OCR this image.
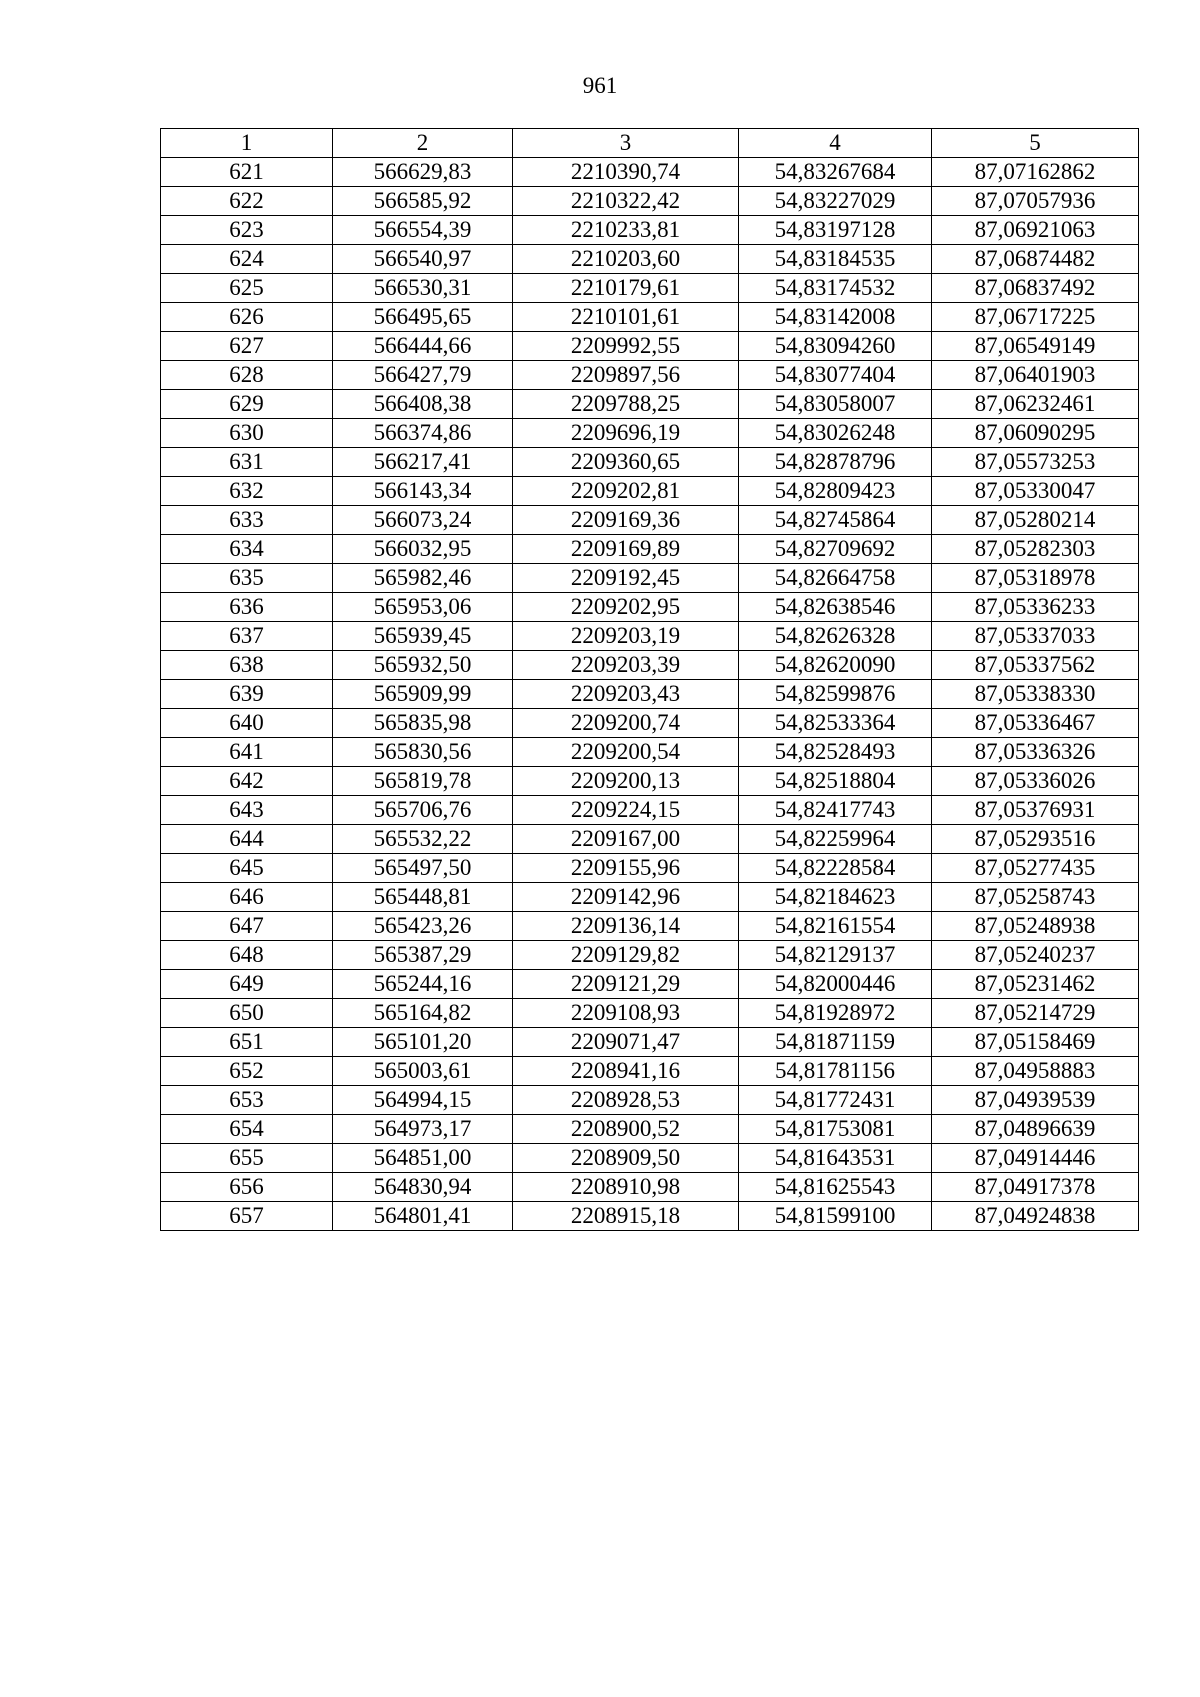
961
1	2	3	4	5
621	566629,83	2210390,74	54,83267684	87,07162862
622	566585,92	2210322,42	54,83227029	87,07057936
623	566554,39	2210233,81	54,83197128	87,06921063
624	566540,97	2210203,60	54,83184535	87,06874482
625	566530,31	2210179,61	54,83174532	87,06837492
626	566495,65	2210101,61	54,83142008	87,06717225
627	566444,66	2209992,55	54,83094260	87,06549149
628	566427,79	2209897,56	54,83077404	87,06401903
629	566408,38	2209788,25	54,83058007	87,06232461
630	566374,86	2209696,19	54,83026248	87,06090295
631	566217,41	2209360,65	54,82878796	87,05573253
632	566143,34	2209202,81	54,82809423	87,05330047
633	566073,24	2209169,36	54,82745864	87,05280214
634	566032,95	2209169,89	54,82709692	87,05282303
635	565982,46	2209192,45	54,82664758	87,05318978
636	565953,06	2209202,95	54,82638546	87,05336233
637	565939,45	2209203,19	54,82626328	87,05337033
638	565932,50	2209203,39	54,82620090	87,05337562
639	565909,99	2209203,43	54,82599876	87,05338330
640	565835,98	2209200,74	54,82533364	87,05336467
641	565830,56	2209200,54	54,82528493	87,05336326
642	565819,78	2209200,13	54,82518804	87,05336026
643	565706,76	2209224,15	54,82417743	87,05376931
644	565532,22	2209167,00	54,82259964	87,05293516
645	565497,50	2209155,96	54,82228584	87,05277435
646	565448,81	2209142,96	54,82184623	87,05258743
647	565423,26	2209136,14	54,82161554	87,05248938
648	565387,29	2209129,82	54,82129137	87,05240237
649	565244,16	2209121,29	54,82000446	87,05231462
650	565164,82	2209108,93	54,81928972	87,05214729
651	565101,20	2209071,47	54,81871159	87,05158469
652	565003,61	2208941,16	54,81781156	87,04958883
653	564994,15	2208928,53	54,81772431	87,04939539
654	564973,17	2208900,52	54,81753081	87,04896639
655	564851,00	2208909,50	54,81643531	87,04914446
656	564830,94	2208910,98	54,81625543	87,04917378
657	564801,41	2208915,18	54,81599100	87,04924838
